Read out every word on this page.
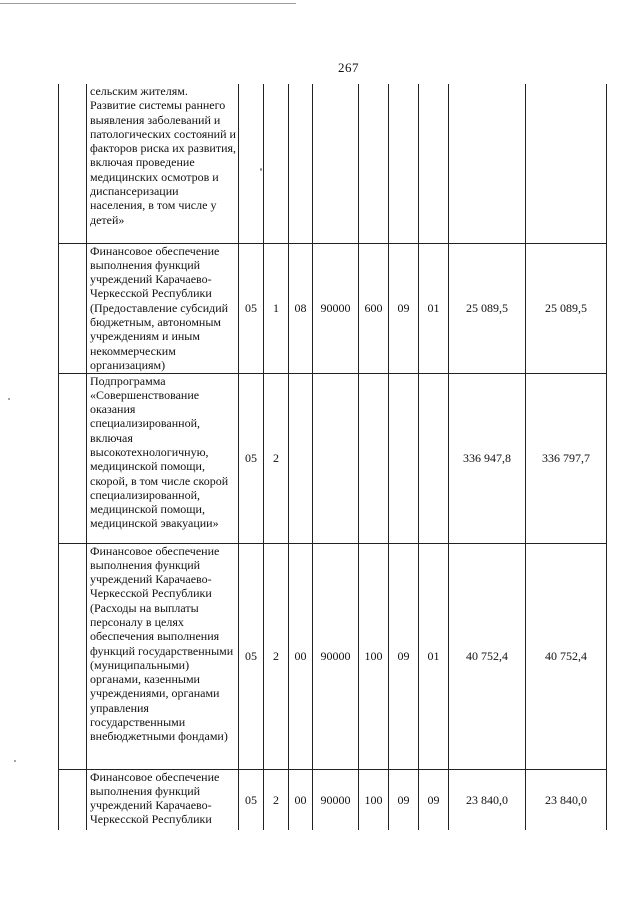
267
	сельским жителям. Развитие системы раннего выявления заболеваний и патологических состояний и факторов риска их развития, включая проведение медицинских осмотров и диспансеризации населения, в том числе у детей»									
	Финансовое обеспечение выполнения функций учреждений Карачаево-Черкесской Республики (Предоставление субсидий бюджетным, автономным учреждениям и иным некоммерческим организациям)	05	1	08	90000	600	09	01	25 089,5	25 089,5
	Подпрограмма «Совершенствование оказания специализированной, включая высокотехнологичную, медицинской помощи, скорой, в том числе скорой специализированной, медицинской помощи, медицинской эвакуации»	05	2						336 947,8	336 797,7
	Финансовое обеспечение выполнения функций учреждений Карачаево-Черкесской Республики (Расходы на выплаты персоналу в целях обеспечения выполнения функций государственными (муниципальными) органами, казенными учреждениями, органами управления государственными внебюджетными фондами)	05	2	00	90000	100	09	01	40 752,4	40 752,4
	Финансовое обеспечение выполнения функций учреждений Карачаево-Черкесской Республики	05	2	00	90000	100	09	09	23 840,0	23 840,0
